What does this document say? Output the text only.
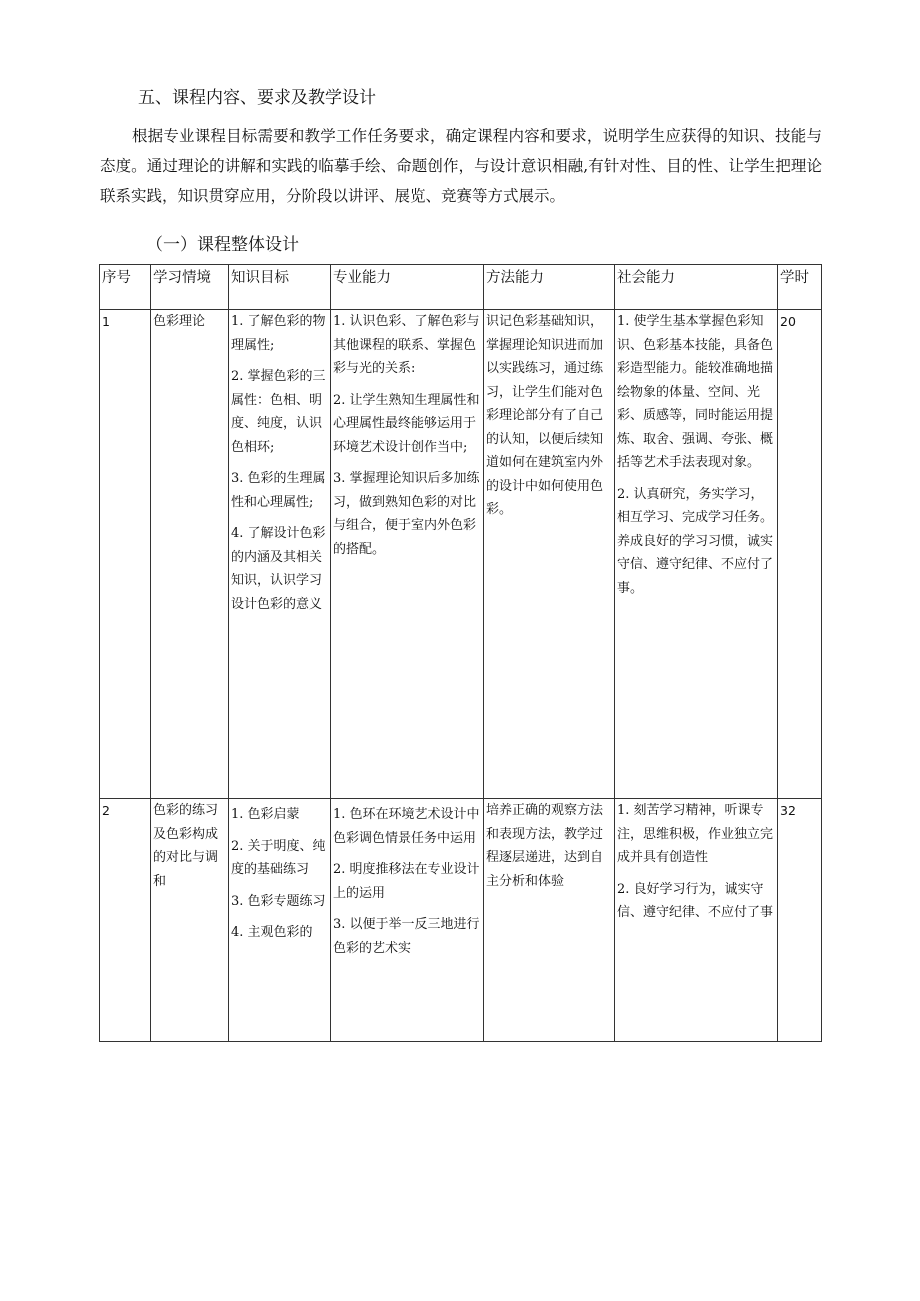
五、课程内容、要求及教学设计

根据专业课程目标需要和教学工作任务要求，确定课程内容和要求，说明学生应获得的知识、技能与态度。通过理论的讲解和实践的临摹手绘、命题创作，与设计意识相融,有针对性、目的性、让学生把理论联系实践，知识贯穿应用，分阶段以讲评、展览、竞赛等方式展示。

（一）课程整体设计
序号	学习情境	知识目标	专业能力	方法能力	社会能力	学时
1	色彩理论	1. 了解色彩的物理属性;
2. 掌握色彩的三属性：色相、明度、纯度，认识色相环;
3. 色彩的生理属性和心理属性;
4. 了解设计色彩的内涵及其相关知识，认识学习设计色彩的意义	1. 认识色彩、了解色彩与其他课程的联系、掌握色彩与光的关系:
2. 让学生熟知生理属性和心理属性最终能够运用于环境艺术设计创作当中;
3. 掌握理论知识后多加练习，做到熟知色彩的对比与组合，便于室内外色彩的搭配。	识记色彩基础知识，掌握理论知识进而加以实践练习，通过练习，让学生们能对色彩理论部分有了自己的认知，以便后续知道如何在建筑室内外的设计中如何使用色彩。	1. 使学生基本掌握色彩知识、色彩基本技能，具备色彩造型能力。能较准确地描绘物象的体量、空间、光彩、质感等，同时能运用提炼、取舍、强调、夸张、概括等艺术手法表现对象。
2. 认真研究，务实学习，相互学习、完成学习任务。养成良好的学习习惯，诚实守信、遵守纪律、不应付了事。	20
2	色彩的练习及色彩构成的对比与调和	1. 色彩启蒙
2. 关于明度、纯度的基础练习
3. 色彩专题练习
4. 主观色彩的	1. 色环在环境艺术设计中色彩调色情景任务中运用
2. 明度推移法在专业设计上的运用
3. 以便于举一反三地进行色彩的艺术实	培养正确的观察方法和表现方法，教学过程逐层递进，达到自主分析和体验	1. 刻苦学习精神，听课专注，思维积极，作业独立完成并具有创造性
2. 良好学习行为，诚实守信、遵守纪律、不应付了事	32
